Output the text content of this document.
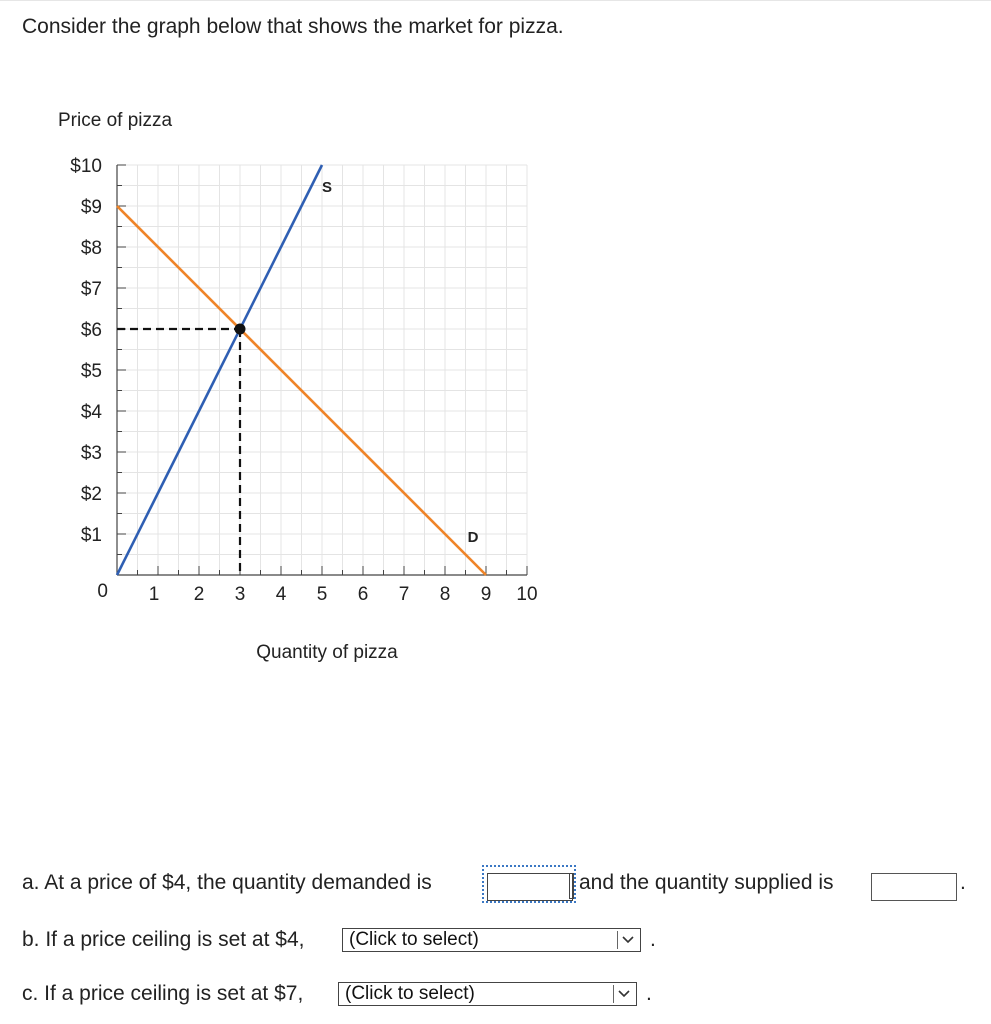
Consider the graph below that shows the market for pizza.
$10
$9
$8
$7
$6
$5
$4
$3
$2
$1
0 1 2 3 4 5 6 7 8 9 10
Price of pizza
Quantity of pizza
S
D
a. At a price of $4, the quantity demanded is	and the quantity supplied is	.
b. If a price ceiling is set at $4,	(Click to select)	.
c. If a price ceiling is set at $7,	(Click to select)	.
